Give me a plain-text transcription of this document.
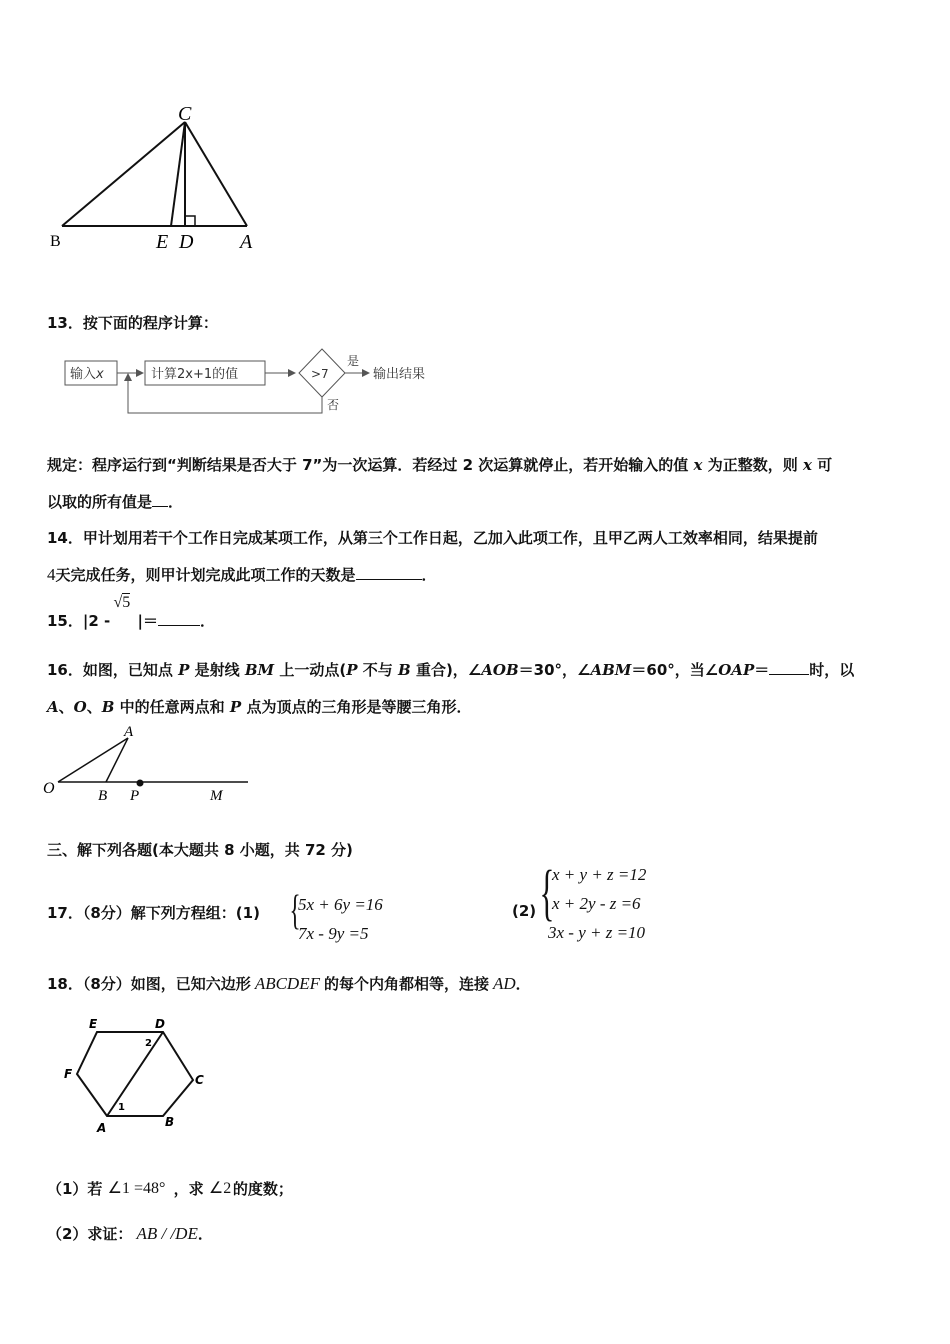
C
B	E D A
13．按下面的程序计算：
输入x	计算2x+1的值	>7
是
输出结果
否
规定：程序运行到“判断结果是否大于 7”为一次运算．若经过 2 次运算就停止，若开始输入的值 x 为正整数，则 x 可
以取的所有值是 ．
14．甲计划用若干个工作日完成某项工作，从第三个工作日起，乙加入此项工作，且甲乙两人工效率相同，结果提前
4天完成任务，则甲计划完成此项工作的天数是	．
15．|2 -
√5
|＝	．
16．如图，已知点 P 是射线 BM 上一动点(P 不与 B 重合)，∠AOB＝30°，∠ABM＝60°，当∠OAP＝	时，以
A、O、B 中的任意两点和 P 点为顶点的三角形是等腰三角形．
O
A
B P	M
三、解下列各题(本大题共 8 小题，共 72 分)
17．（8分）解下列方程组：(1) {
5x + 6y =16
7x - 9y =5
(2) {
x + y + z =12
x + 2y - z =6
3x - y + z =10
18．（8分）如图，已知六边形 ABCDEF 的每个内角都相等，连接 AD．
E	D
F	C
A	B
1
2
（1）若 ∠1 =48° ，求 ∠2 的度数；
（2）求证： AB / /DE．
